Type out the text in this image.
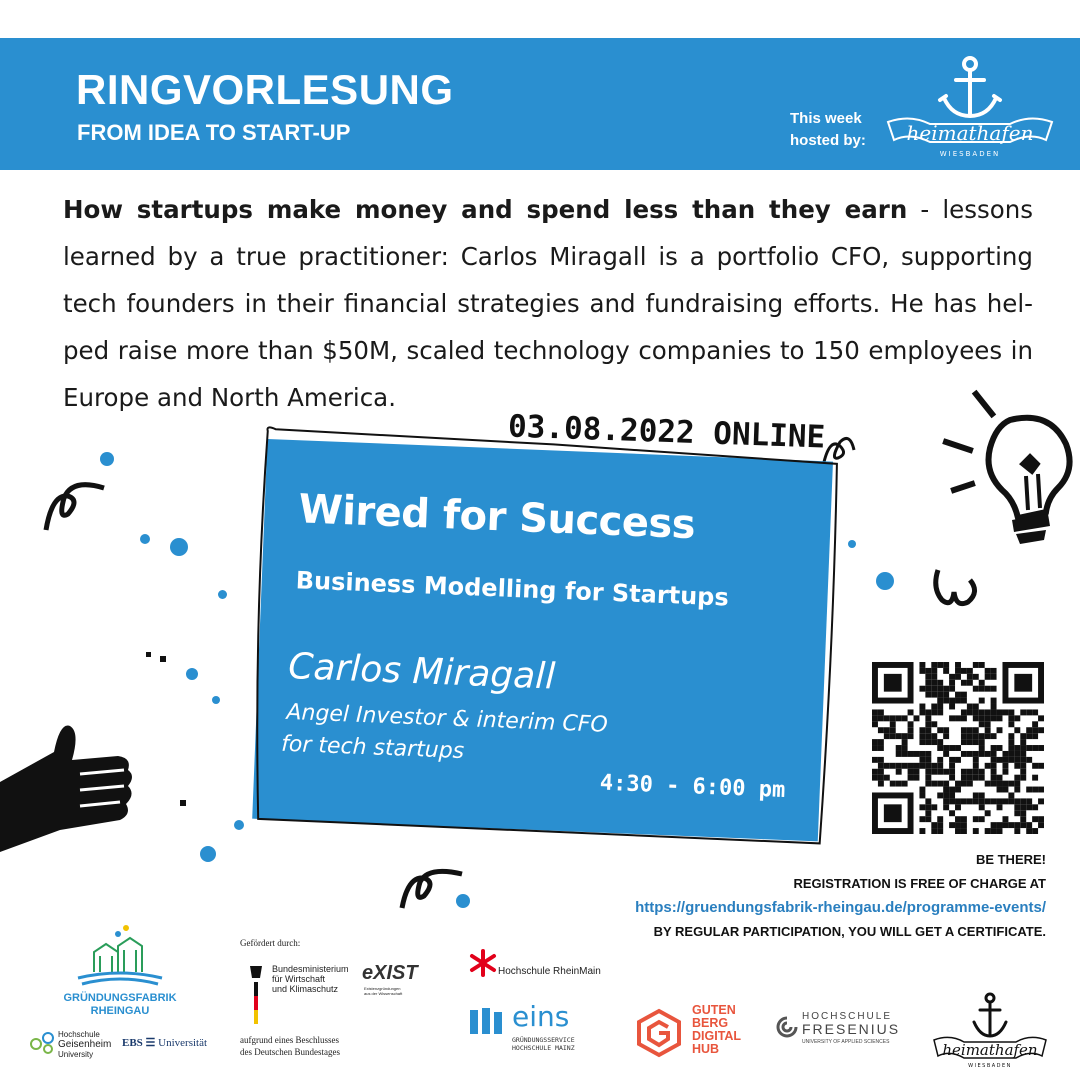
RINGVORLESUNG
FROM IDEA TO START-UP
This week
hosted by: heimathafen
WIESBADEN
How startups make money and spend less than they earn - lessons learned by a true practitioner: Carlos Miragall is a portfolio CFO, supporting tech founders in their financial strategies and fundraising efforts. He has hel-ped raise more than $50M, scaled technology companies to 150 employees in Europe and North America.
03.08.2022 ONLINE
Wired for Success
Business Modelling for Startups
Carlos Miragall
Angel Investor & interim CFO
for tech startups
4:30 - 6:00 pm
BE THERE!
REGISTRATION IS FREE OF CHARGE AT
https://gruendungsfabrik-rheingau.de/programme-events/
BY REGULAR PARTICIPATION, YOU WILL GET A CERTIFICATE.
GRÜNDUNGSFABRIK
RHEINGAU
Hochschule
Geisenheim
University
EBS ☰ Universität
Gefördert durch:
Bundesministerium
für Wirtschaft
und Klimaschutz
eXIST
Existenzgründungen
aus der Wissenschaft
aufgrund eines Beschlusses
des Deutschen Bundestages
Hochschule RheinMain
eins
GRÜNDUNGSSERVICE
HOCHSCHULE MAINZ
GUTEN
BERG
DIGITAL
HUB
HOCHSCHULE
FRESENIUS
UNIVERSITY OF APPLIED SCIENCES	heimathafen
WIESBADEN
